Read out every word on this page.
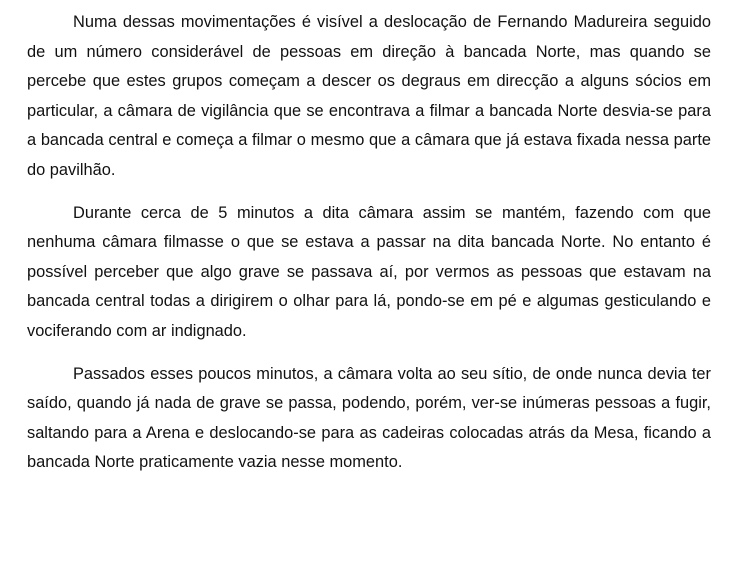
Numa dessas movimentações é visível a deslocação de Fernando Madureira seguido de um número considerável de pessoas em direção à bancada Norte, mas quando se percebe que estes grupos começam a descer os degraus em direcção a alguns sócios em particular, a câmara de vigilância que se encontrava a filmar a bancada Norte desvia-se para a bancada central e começa a filmar o mesmo que a câmara que já estava fixada nessa parte do pavilhão.

Durante cerca de 5 minutos a dita câmara assim se mantém, fazendo com que nenhuma câmara filmasse o que se estava a passar na dita bancada Norte. No entanto é possível perceber que algo grave se passava aí, por vermos as pessoas que estavam na bancada central todas a dirigirem o olhar para lá, pondo-se em pé e algumas gesticulando e vociferando com ar indignado.

Passados esses poucos minutos, a câmara volta ao seu sítio, de onde nunca devia ter saído, quando já nada de grave se passa, podendo, porém, ver-se inúmeras pessoas a fugir, saltando para a Arena e deslocando-se para as cadeiras colocadas atrás da Mesa, ficando a bancada Norte praticamente vazia nesse momento.
